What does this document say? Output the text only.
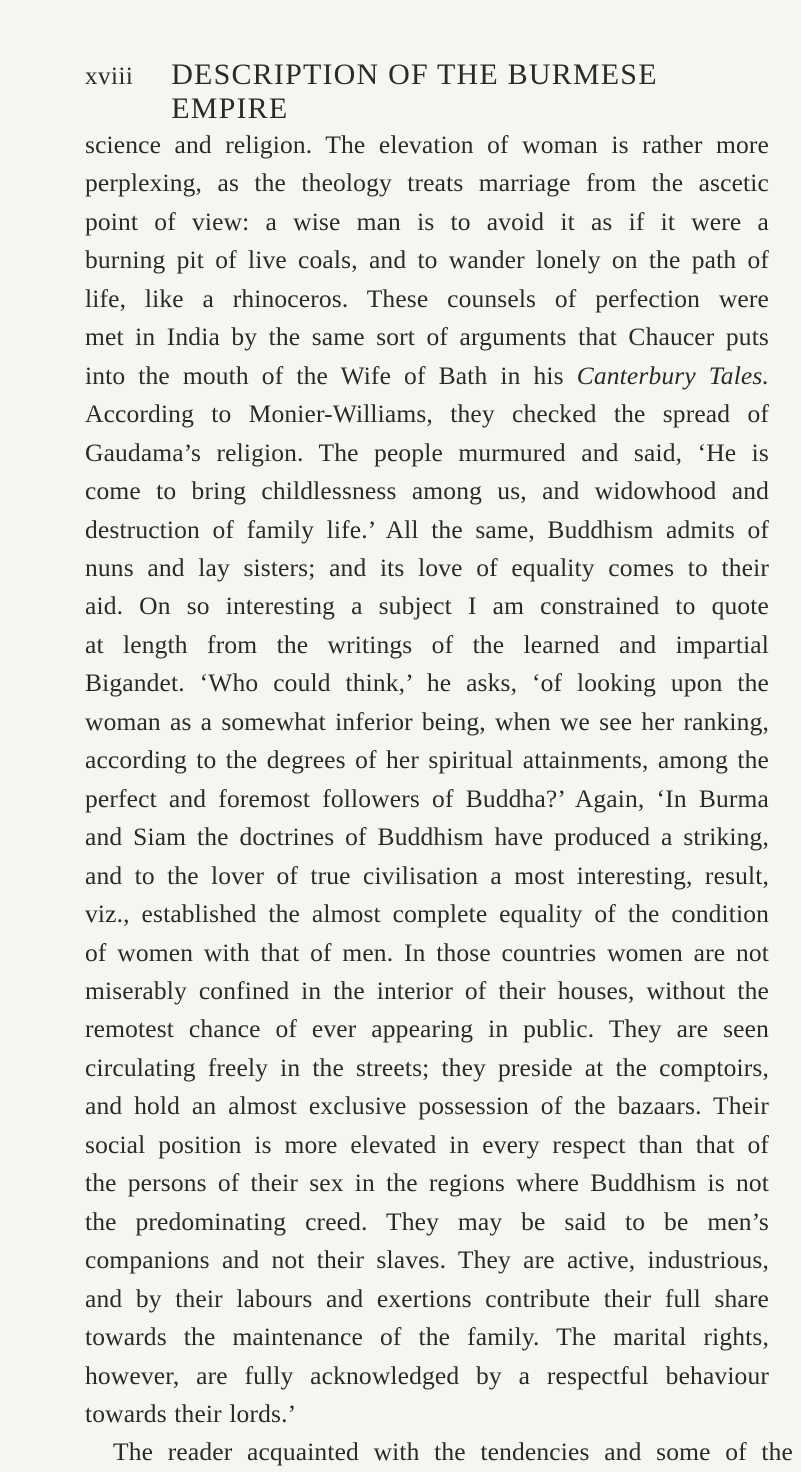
xviii	DESCRIPTION OF THE BURMESE EMPIRE
science and religion. The elevation of woman is rather more
perplexing, as the theology treats marriage from the ascetic
point of view: a wise man is to avoid it as if it were a
burning pit of live coals, and to wander lonely on the path of
life, like a rhinoceros. These counsels of perfection were
met in India by the same sort of arguments that Chaucer puts
into the mouth of the Wife of Bath in his Canterbury Tales.
According to Monier-Williams, they checked the spread of
Gaudama’s religion. The people murmured and said, ‘He is
come to bring childlessness among us, and widowhood and
destruction of family life.’ All the same, Buddhism admits of
nuns and lay sisters; and its love of equality comes to their
aid. On so interesting a subject I am constrained to quote
at length from the writings of the learned and impartial
Bigandet. ‘Who could think,’ he asks, ‘of looking upon the
woman as a somewhat inferior being, when we see her ranking,
according to the degrees of her spiritual attainments, among the
perfect and foremost followers of Buddha?’ Again, ‘In Burma
and Siam the doctrines of Buddhism have produced a striking,
and to the lover of true civilisation a most interesting, result,
viz., established the almost complete equality of the condition
of women with that of men. In those countries women are not
miserably confined in the interior of their houses, without the
remotest chance of ever appearing in public. They are seen
circulating freely in the streets; they preside at the comptoirs,
and hold an almost exclusive possession of the bazaars. Their
social position is more elevated in every respect than that of
the persons of their sex in the regions where Buddhism is not
the predominating creed. They may be said to be men’s
companions and not their slaves. They are active, industrious,
and by their labours and exertions contribute their full share
towards the maintenance of the family. The marital rights,
however, are fully acknowledged by a respectful behaviour
towards their lords.’
The reader acquainted with the tendencies and some of the
